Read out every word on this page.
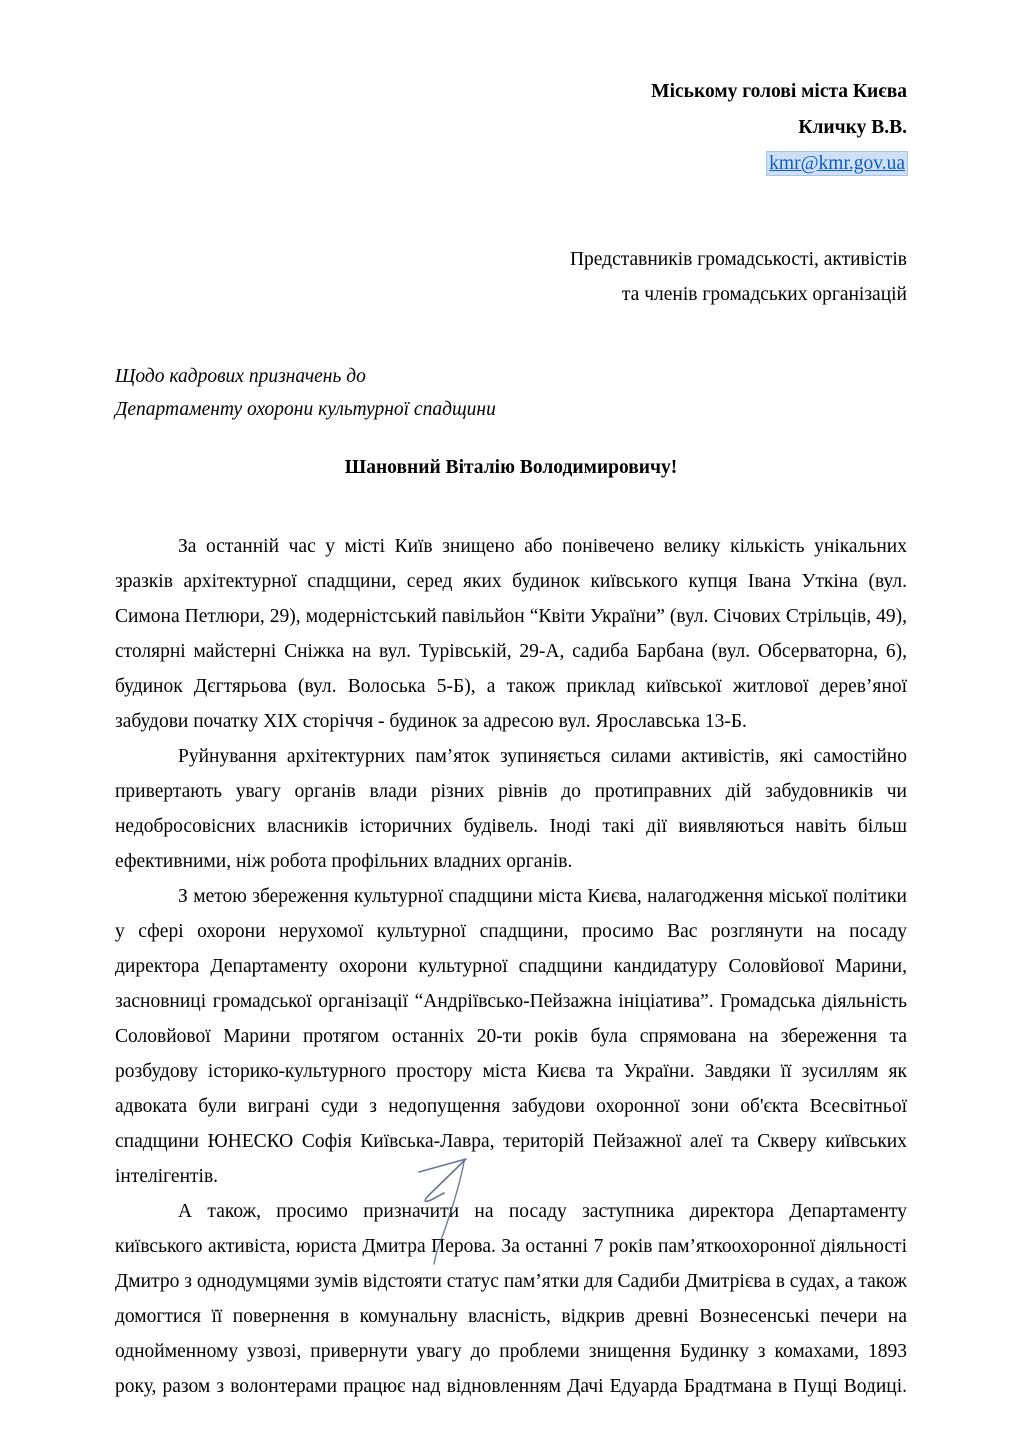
Міському голові міста Києва

Кличку В.В.

kmr@kmr.gov.ua

Представників громадськості, активістів

та членів громадських організацій

Щодо кадрових призначень до

Департаменту охорони культурної спадщини

Шановний Віталію Володимировичу!

За останній час у місті Київ знищено або понівечено велику кількість унікальних зразків архітектурної спадщини, серед яких будинок київського купця Івана Уткіна (вул. Симона Петлюри, 29), модерністський павільйон “Квіти України” (вул. Січових Стрільців, 49), столярні майстерні Сніжка на вул. Турівській, 29-А, садиба Барбана (вул. Обсерваторна, 6), будинок Дєгтярьова (вул. Волоська 5-Б), а також приклад київської житлової дерев’яної забудови початку XIX сторіччя - будинок за адресою вул. Ярославська 13-Б.

Руйнування архітектурних пам’яток зупиняється силами активістів, які самостійно привертають увагу органів влади різних рівнів до протиправних дій забудовників чи недобросовісних власників історичних будівель. Іноді такі дії виявляються навіть більш ефективними, ніж робота профільних владних органів.

З метою збереження культурної спадщини міста Києва, налагодження міської політики у сфері охорони нерухомої культурної спадщини, просимо Вас розглянути на посаду директора Департаменту охорони культурної спадщини кандидатуру Соловйової Марини, засновниці громадської організації “Андріївсько-Пейзажна ініціатива”. Громадська діяльність Соловйової Марини протягом останніх 20-ти років була спрямована на збереження та розбудову історико-культурного простору міста Києва та України. Завдяки її зусиллям як адвоката були виграні суди з недопущення забудови охоронної зони об'єкта Всесвітньої спадщини ЮНЕСКО Софія Київська-Лавра, територій Пейзажної алеї та Скверу київських інтелігентів.

А також, просимо призначити на посаду заступника директора Департаменту київського активіста, юриста Дмитра Перова. За останні 7 років пам’яткоохоронної діяльності Дмитро з однодумцями зумів відстояти статус пам’ятки для Садиби Дмитрієва в судах, а також домогтися її повернення в комунальну власність, відкрив древні Вознесенські печери на однойменному узвозі, привернути увагу до проблеми знищення Будинку з комахами, 1893 року, разом з волонтерами працює над відновленням Дачі Едуарда Брадтмана в Пущі Водиці.
